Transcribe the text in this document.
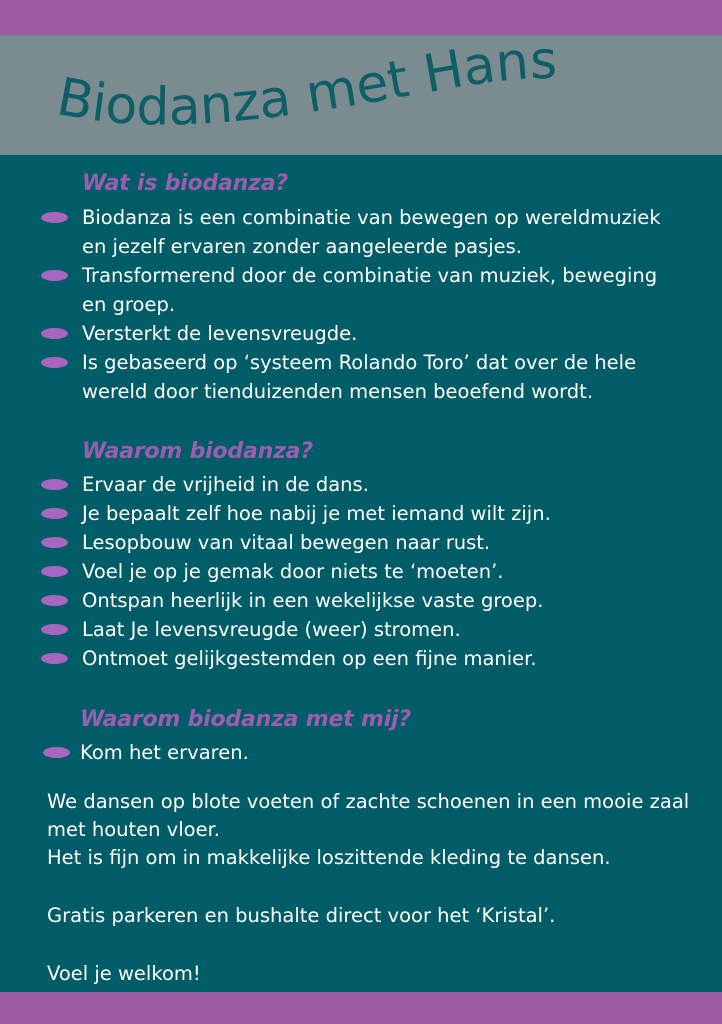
Biodanza met Hans
Wat is biodanza?
Biodanza is een combinatie van bewegen op wereldmuziek en jezelf ervaren zonder aangeleerde pasjes.
Transformerend door de combinatie van muziek, beweging en groep.
Versterkt de levensvreugde.
Is gebaseerd op ‘systeem Rolando Toro’ dat over de hele wereld door tienduizenden mensen beoefend wordt.
Waarom biodanza?
Ervaar de vrijheid in de dans.
Je bepaalt zelf hoe nabij je met iemand wilt zijn.
Lesopbouw van vitaal bewegen naar rust.
Voel je op je gemak door niets te ‘moeten’.
Ontspan heerlijk in een wekelijkse vaste groep.
Laat Je levensvreugde (weer) stromen.
Ontmoet gelijkgestemden op een fijne manier.
Waarom biodanza met mij?
Kom het ervaren.

We dansen op blote voeten of zachte schoenen in een mooie zaal met houten vloer.

Het is fijn om in makkelijke loszittende kleding te dansen.

Gratis parkeren en bushalte direct voor het ‘Kristal’.

Voel je welkom!
